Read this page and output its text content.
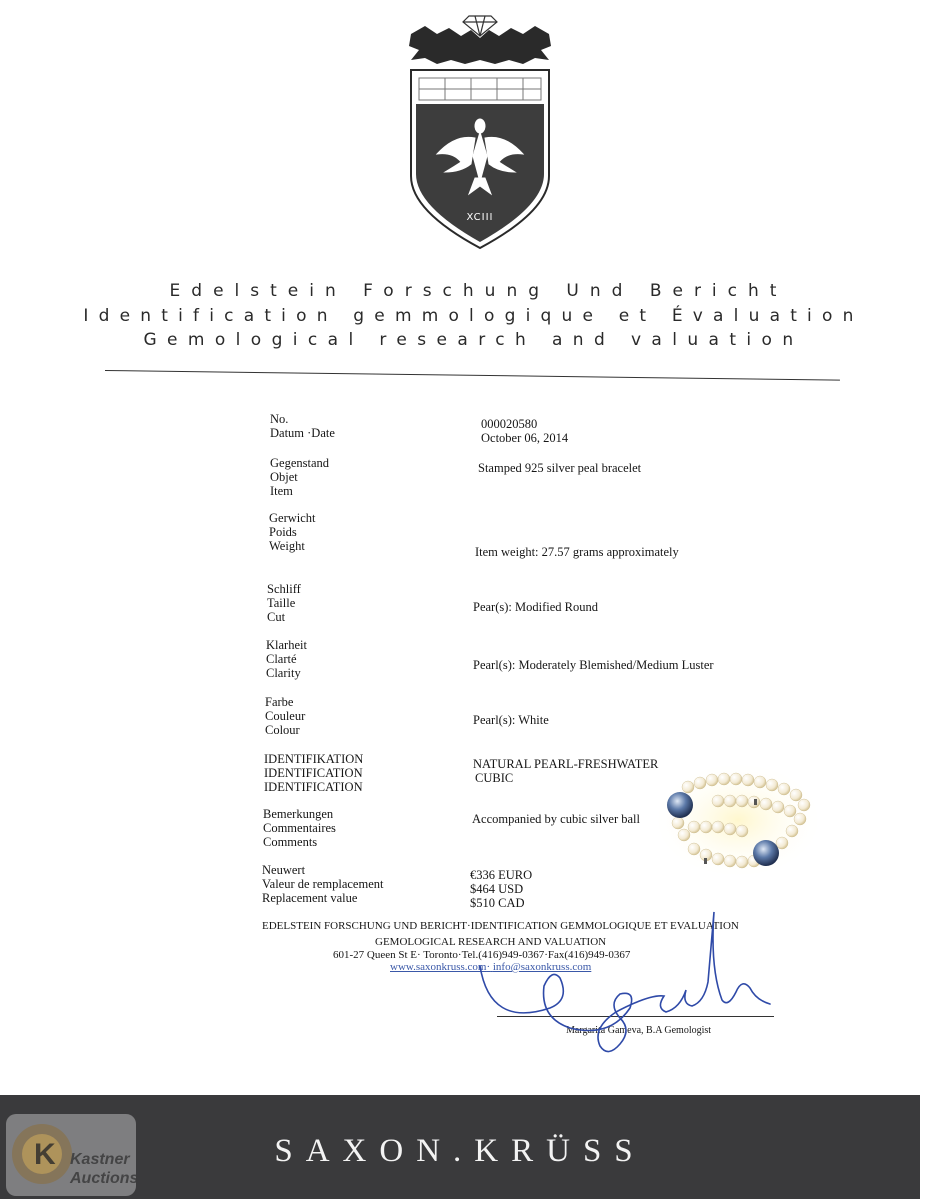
XCIII
Edelstein Forschung Und Bericht
Identification gemmologique et Évaluation
Gemological research and valuation
No.
Datum ·Date
000020580
October 06, 2014
Gegenstand
Objet
Item
Stamped 925 silver peal bracelet
Gerwicht
Poids
Weight	Item weight: 27.57 grams approximately
Schliff
Taille
Cut
Pear(s): Modified Round
Klarheit
Clarté
Clarity
Pearl(s): Moderately Blemished/Medium Luster
Farbe
Couleur
Colour
Pearl(s): White
IDENTIFIKATION
IDENTIFICATION
IDENTIFICATION
NATURAL PEARL-FRESHWATER
CUBIC
Bemerkungen
Commentaires
Comments
Accompanied by cubic silver ball
Neuwert
Valeur de remplacement
Replacement value
€336 EURO
$464 USD
$510 CAD
EDELSTEIN FORSCHUNG UND BERICHT·IDENTIFICATION GEMMOLOGIQUE ET EVALUATION
GEMOLOGICAL RESEARCH AND VALUATION
601-27 Queen St E· Toronto·Tel.(416)949-0367·Fax(416)949-0367
www.saxonkruss.com· info@saxonkruss.com
Margarita Gameva, B.A Gemologist
SAXON.KRÜSS
K Kastner
Auctions
